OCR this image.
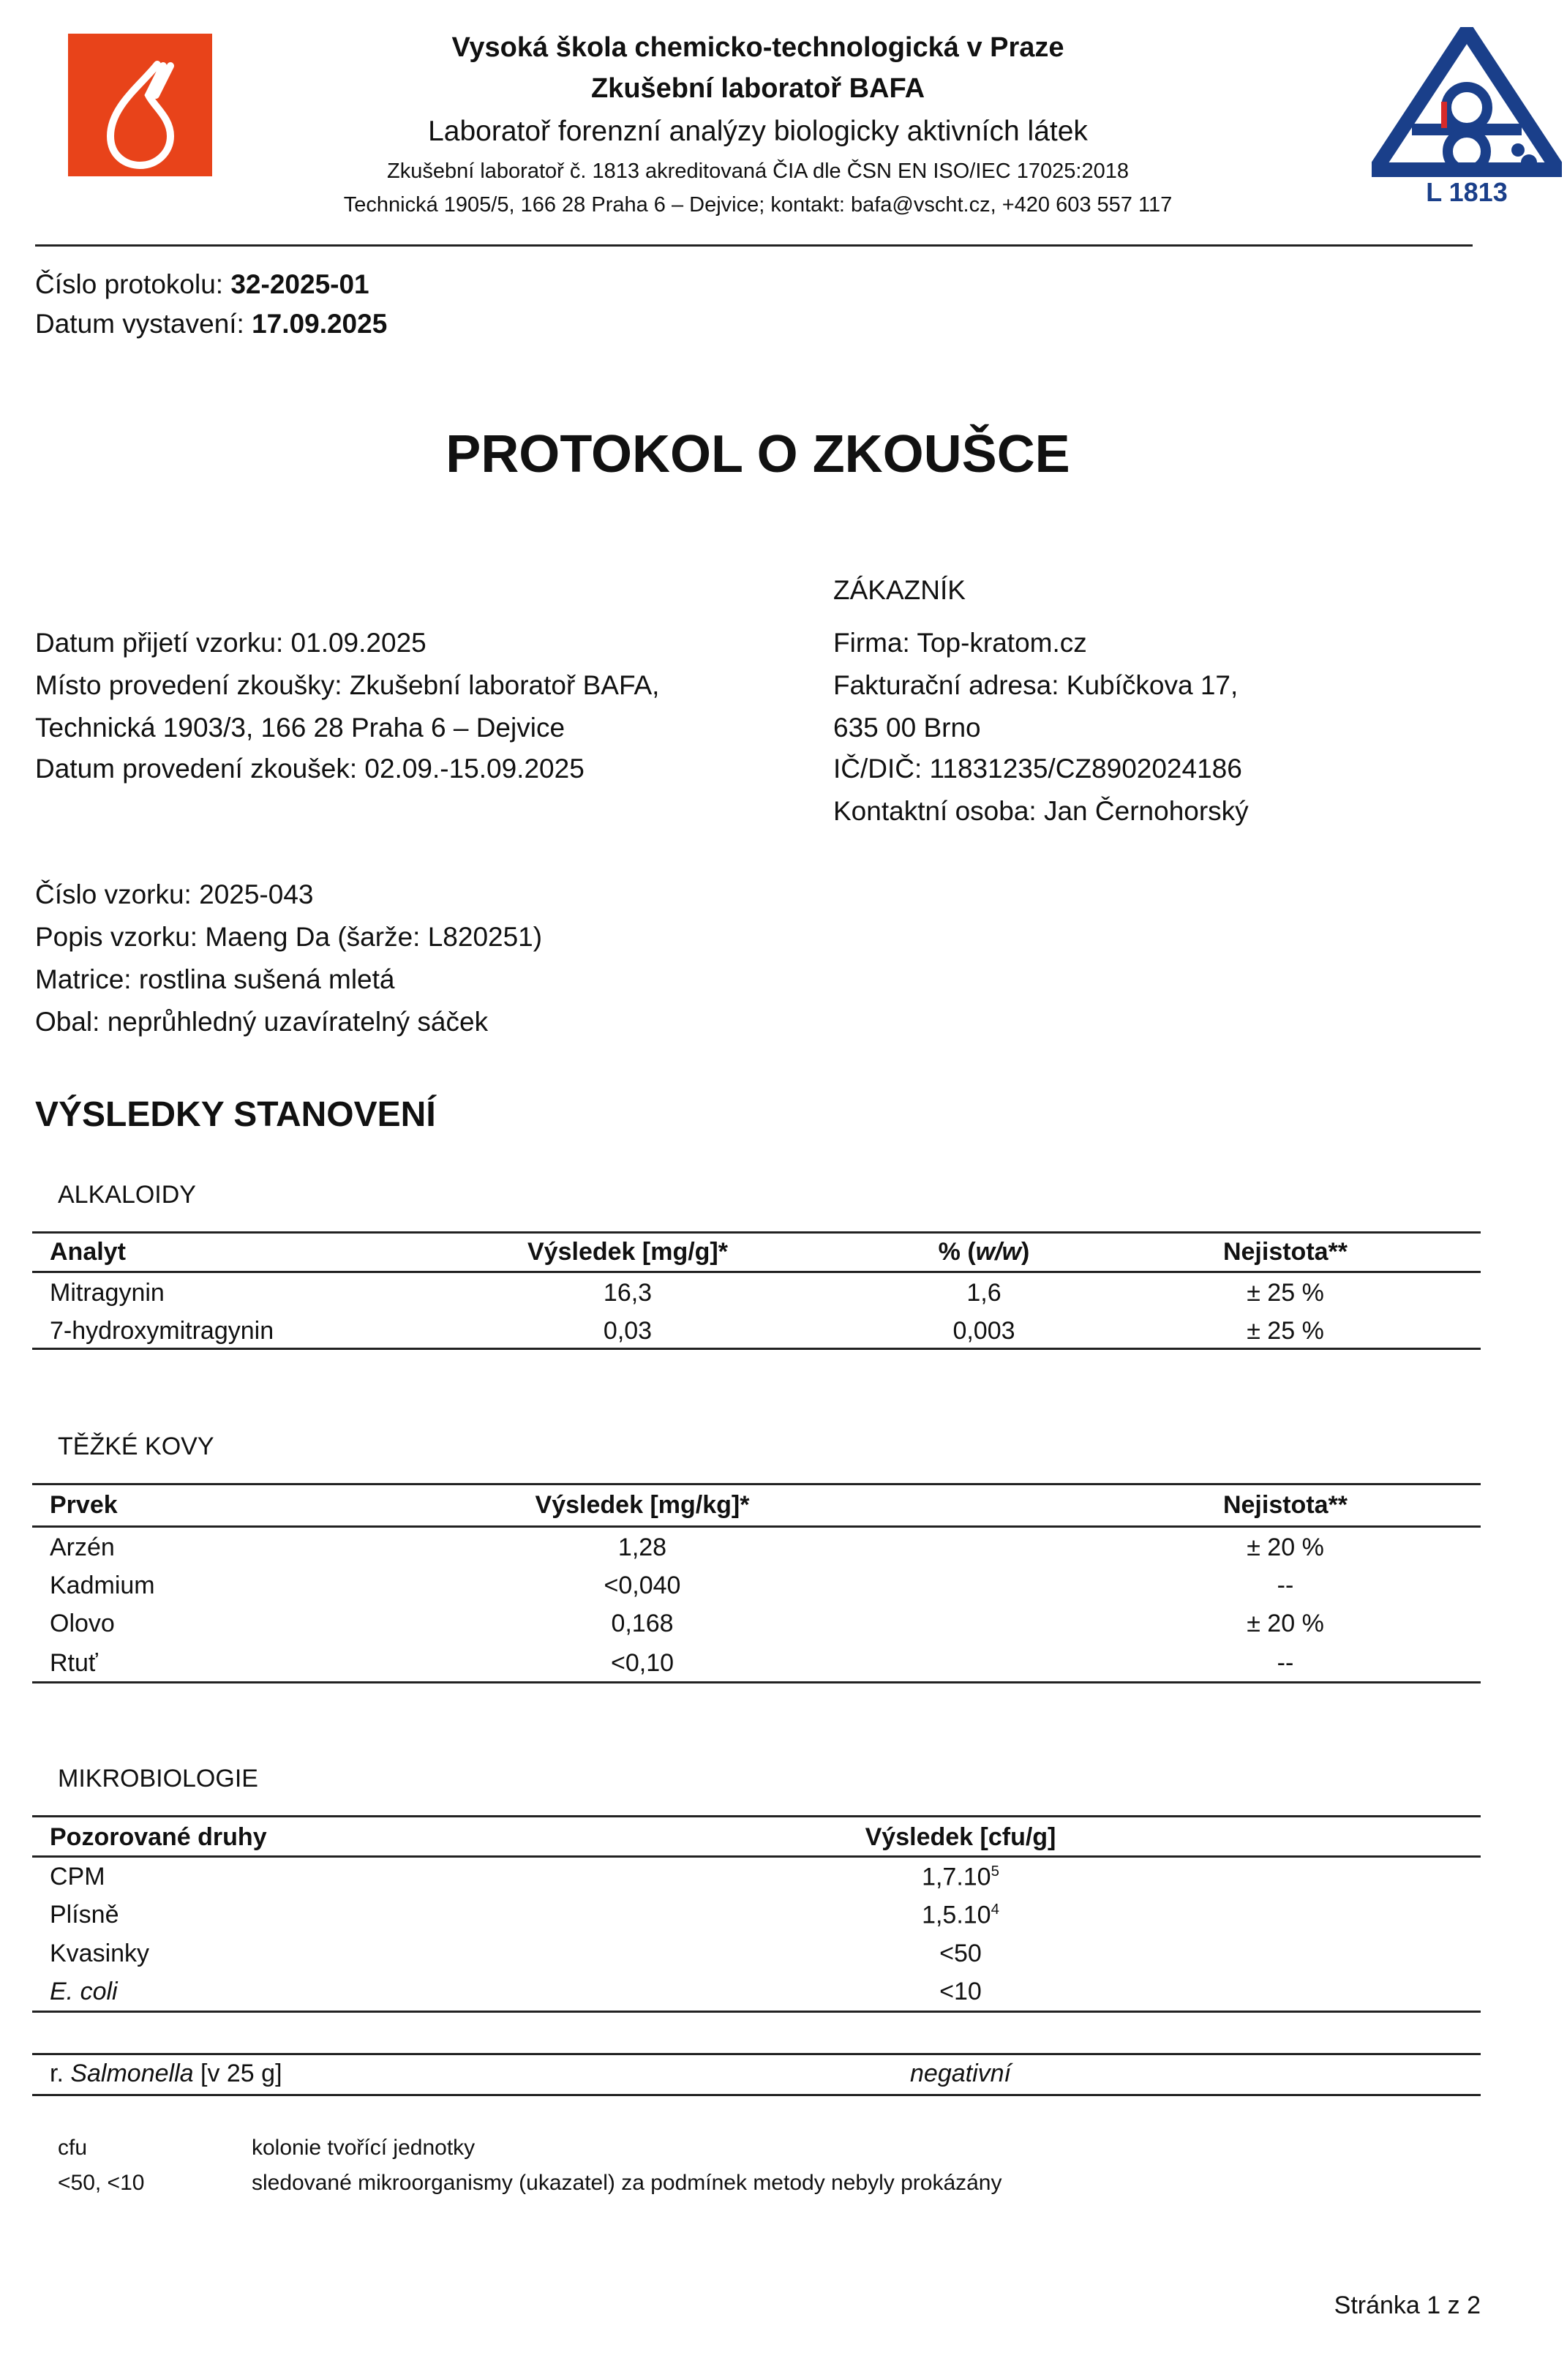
L 1813
Vysoká škola chemicko-technologická v Praze
Zkušební laboratoř BAFA
Laboratoř forenzní analýzy biologicky aktivních látek
Zkušební laboratoř č. 1813 akreditovaná ČIA dle ČSN EN ISO/IEC 17025:2018
Technická 1905/5, 166 28 Praha 6 – Dejvice; kontakt: bafa@vscht.cz, +420 603 557 117
Číslo protokolu: 32-2025-01
Datum vystavení: 17.09.2025
PROTOKOL O ZKOUŠCE
Datum přijetí vzorku: 01.09.2025
Místo provedení zkoušky: Zkušební laboratoř BAFA,
Technická 1903/3, 166 28 Praha 6 – Dejvice
Datum provedení zkoušek: 02.09.-15.09.2025
ZÁKAZNÍK
Firma: Top-kratom.cz
Fakturační adresa: Kubíčkova 17,
635 00 Brno
IČ/DIČ: 11831235/CZ8902024186
Kontaktní osoba: Jan Černohorský
Číslo vzorku: 2025-043
Popis vzorku: Maeng Da (šarže: L820251)
Matrice: rostlina sušená mletá
Obal: neprůhledný uzavíratelný sáček
VÝSLEDKY STANOVENÍ
ALKALOIDY
Analyt	Výsledek [mg/g]*	% (w/w)	Nejistota**
Mitragynin	16,3	1,6	± 25 %
7-hydroxymitragynin	0,03	0,003	± 25 %
TĚŽKÉ KOVY
Prvek	Výsledek [mg/kg]*	Nejistota**
Arzén	1,28	± 20 %
Kadmium	<0,040	--
Olovo	0,168	± 20 %
Rtuť	<0,10	--
MIKROBIOLOGIE
Pozorované druhy	Výsledek [cfu/g]
CPM	1,7.10$^5$
Plísně	1,5.10$^4$
Kvasinky	<50
E. coli	<10
r. Salmonella [v 25 g]	negativní
cfu	kolonie tvořící jednotky
<50, <10	sledované mikroorganismy (ukazatel) za podmínek metody nebyly prokázány
Stránka 1 z 2
